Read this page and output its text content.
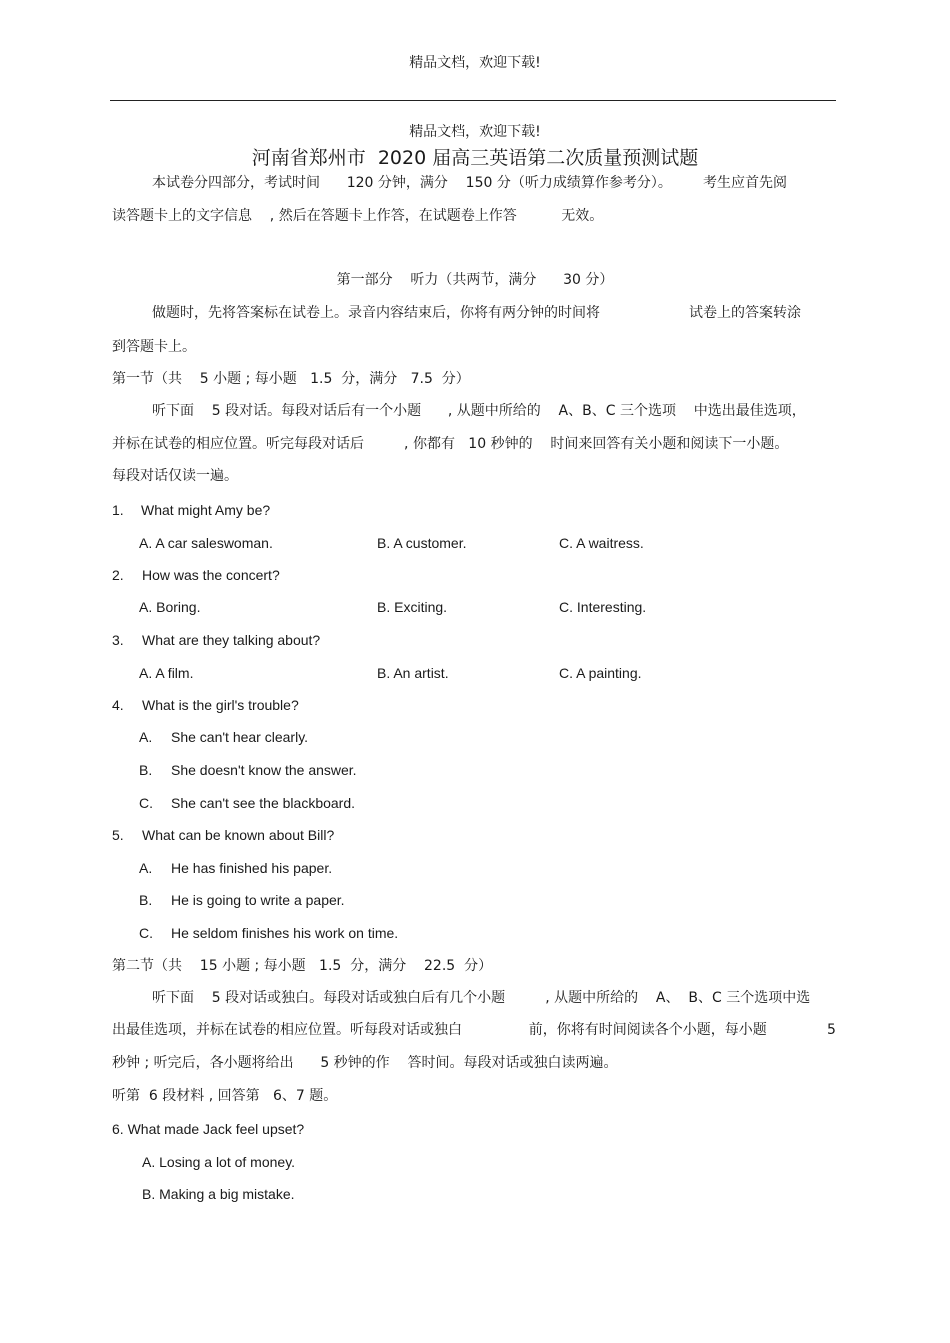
精品文档，欢迎下载!
精品文档，欢迎下载!
河南省郑州市  2020 届高三英语第二次质量预测试题
本试卷分四部分，考试时间      120 分钟，满分    150 分（听力成绩算作参考分）。       考生应首先阅
读答题卡上的文字信息    , 然后在答题卡上作答，在试题卷上作答          无效。
第一部分    听力（共两节，满分      30 分）
做题时，先将答案标在试卷上。录音内容结束后，你将有两分钟的时间将                    试卷上的答案转涂
到答题卡上。
第一节（共    5 小题 ; 每小题   1.5  分，满分   7.5  分）
听下面    5 段对话。每段对话后有一个小题      , 从题中所给的    A、B、C 三个选项    中选出最佳选项，
并标在试卷的相应位置。听完每段对话后         , 你都有   10 秒钟的    时间来回答有关小题和阅读下一小题。
每段对话仅读一遍。
1. What might Amy be?
A. A car saleswoman.	B. A customer.	C. A waitress.
2. How was the concert?
A. Boring.	B. Exciting.	C. Interesting.
3. What are they talking about?
A. A film.	B. An artist.	C. A painting.
4. What is the girl's trouble?
A. She can't hear clearly.
B. She doesn't know the answer.
C. She can't see the blackboard.
5. What can be known about Bill?
A. He has finished his paper.
B. He is going to write a paper.
C. He seldom finishes his work on time.
第二节（共    15 小题 ; 每小题   1.5  分，满分    22.5  分）
听下面    5 段对话或独白。每段对话或独白后有几个小题         , 从题中所给的    A、  B、C 三个选项中选
出最佳选项，并标在试卷的相应位置。听每段对话或独白               前，你将有时间阅读各个小题，每小题	5
秒钟 ; 听完后，各小题将给出      5 秒钟的作    答时间。每段对话或独白读两遍。
听第  6 段材料 , 回答第   6、7 题。
6. What made Jack feel upset?
A. Losing a lot of money.
B. Making a big mistake.
